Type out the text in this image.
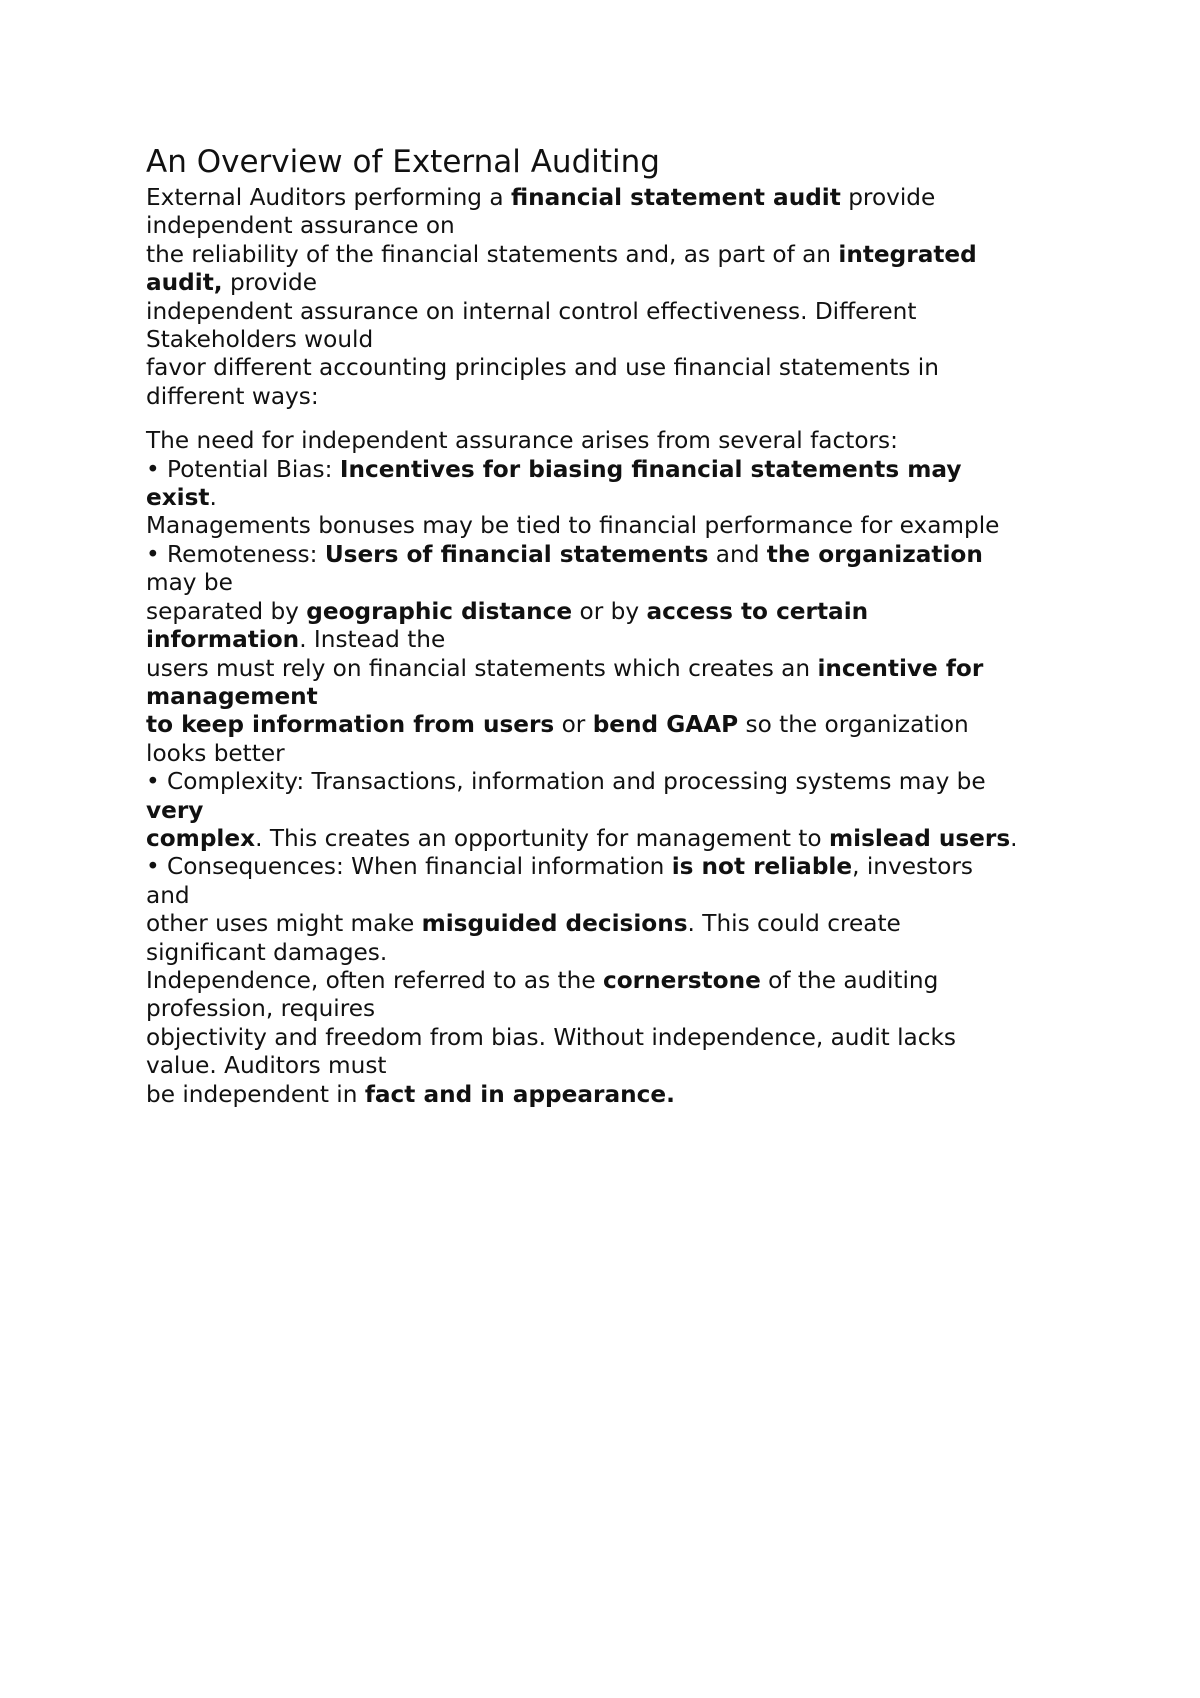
An Overview of External Auditing
External Auditors performing a financial statement audit provide
independent assurance on
the reliability of the financial statements and, as part of an integrated
audit, provide
independent assurance on internal control effectiveness. Different
Stakeholders would
favor different accounting principles and use financial statements in
different ways:
The need for independent assurance arises from several factors:
• Potential Bias: Incentives for biasing financial statements may
exist.
Managements bonuses may be tied to financial performance for example
• Remoteness: Users of financial statements and the organization
may be
separated by geographic distance or by access to certain
information. Instead the
users must rely on financial statements which creates an incentive for
management
to keep information from users or bend GAAP so the organization
looks better
• Complexity: Transactions, information and processing systems may be
very
complex. This creates an opportunity for management to mislead users.
• Consequences: When financial information is not reliable, investors
and
other uses might make misguided decisions. This could create
significant damages.
Independence, often referred to as the cornerstone of the auditing
profession, requires
objectivity and freedom from bias. Without independence, audit lacks
value. Auditors must
be independent in fact and in appearance.
